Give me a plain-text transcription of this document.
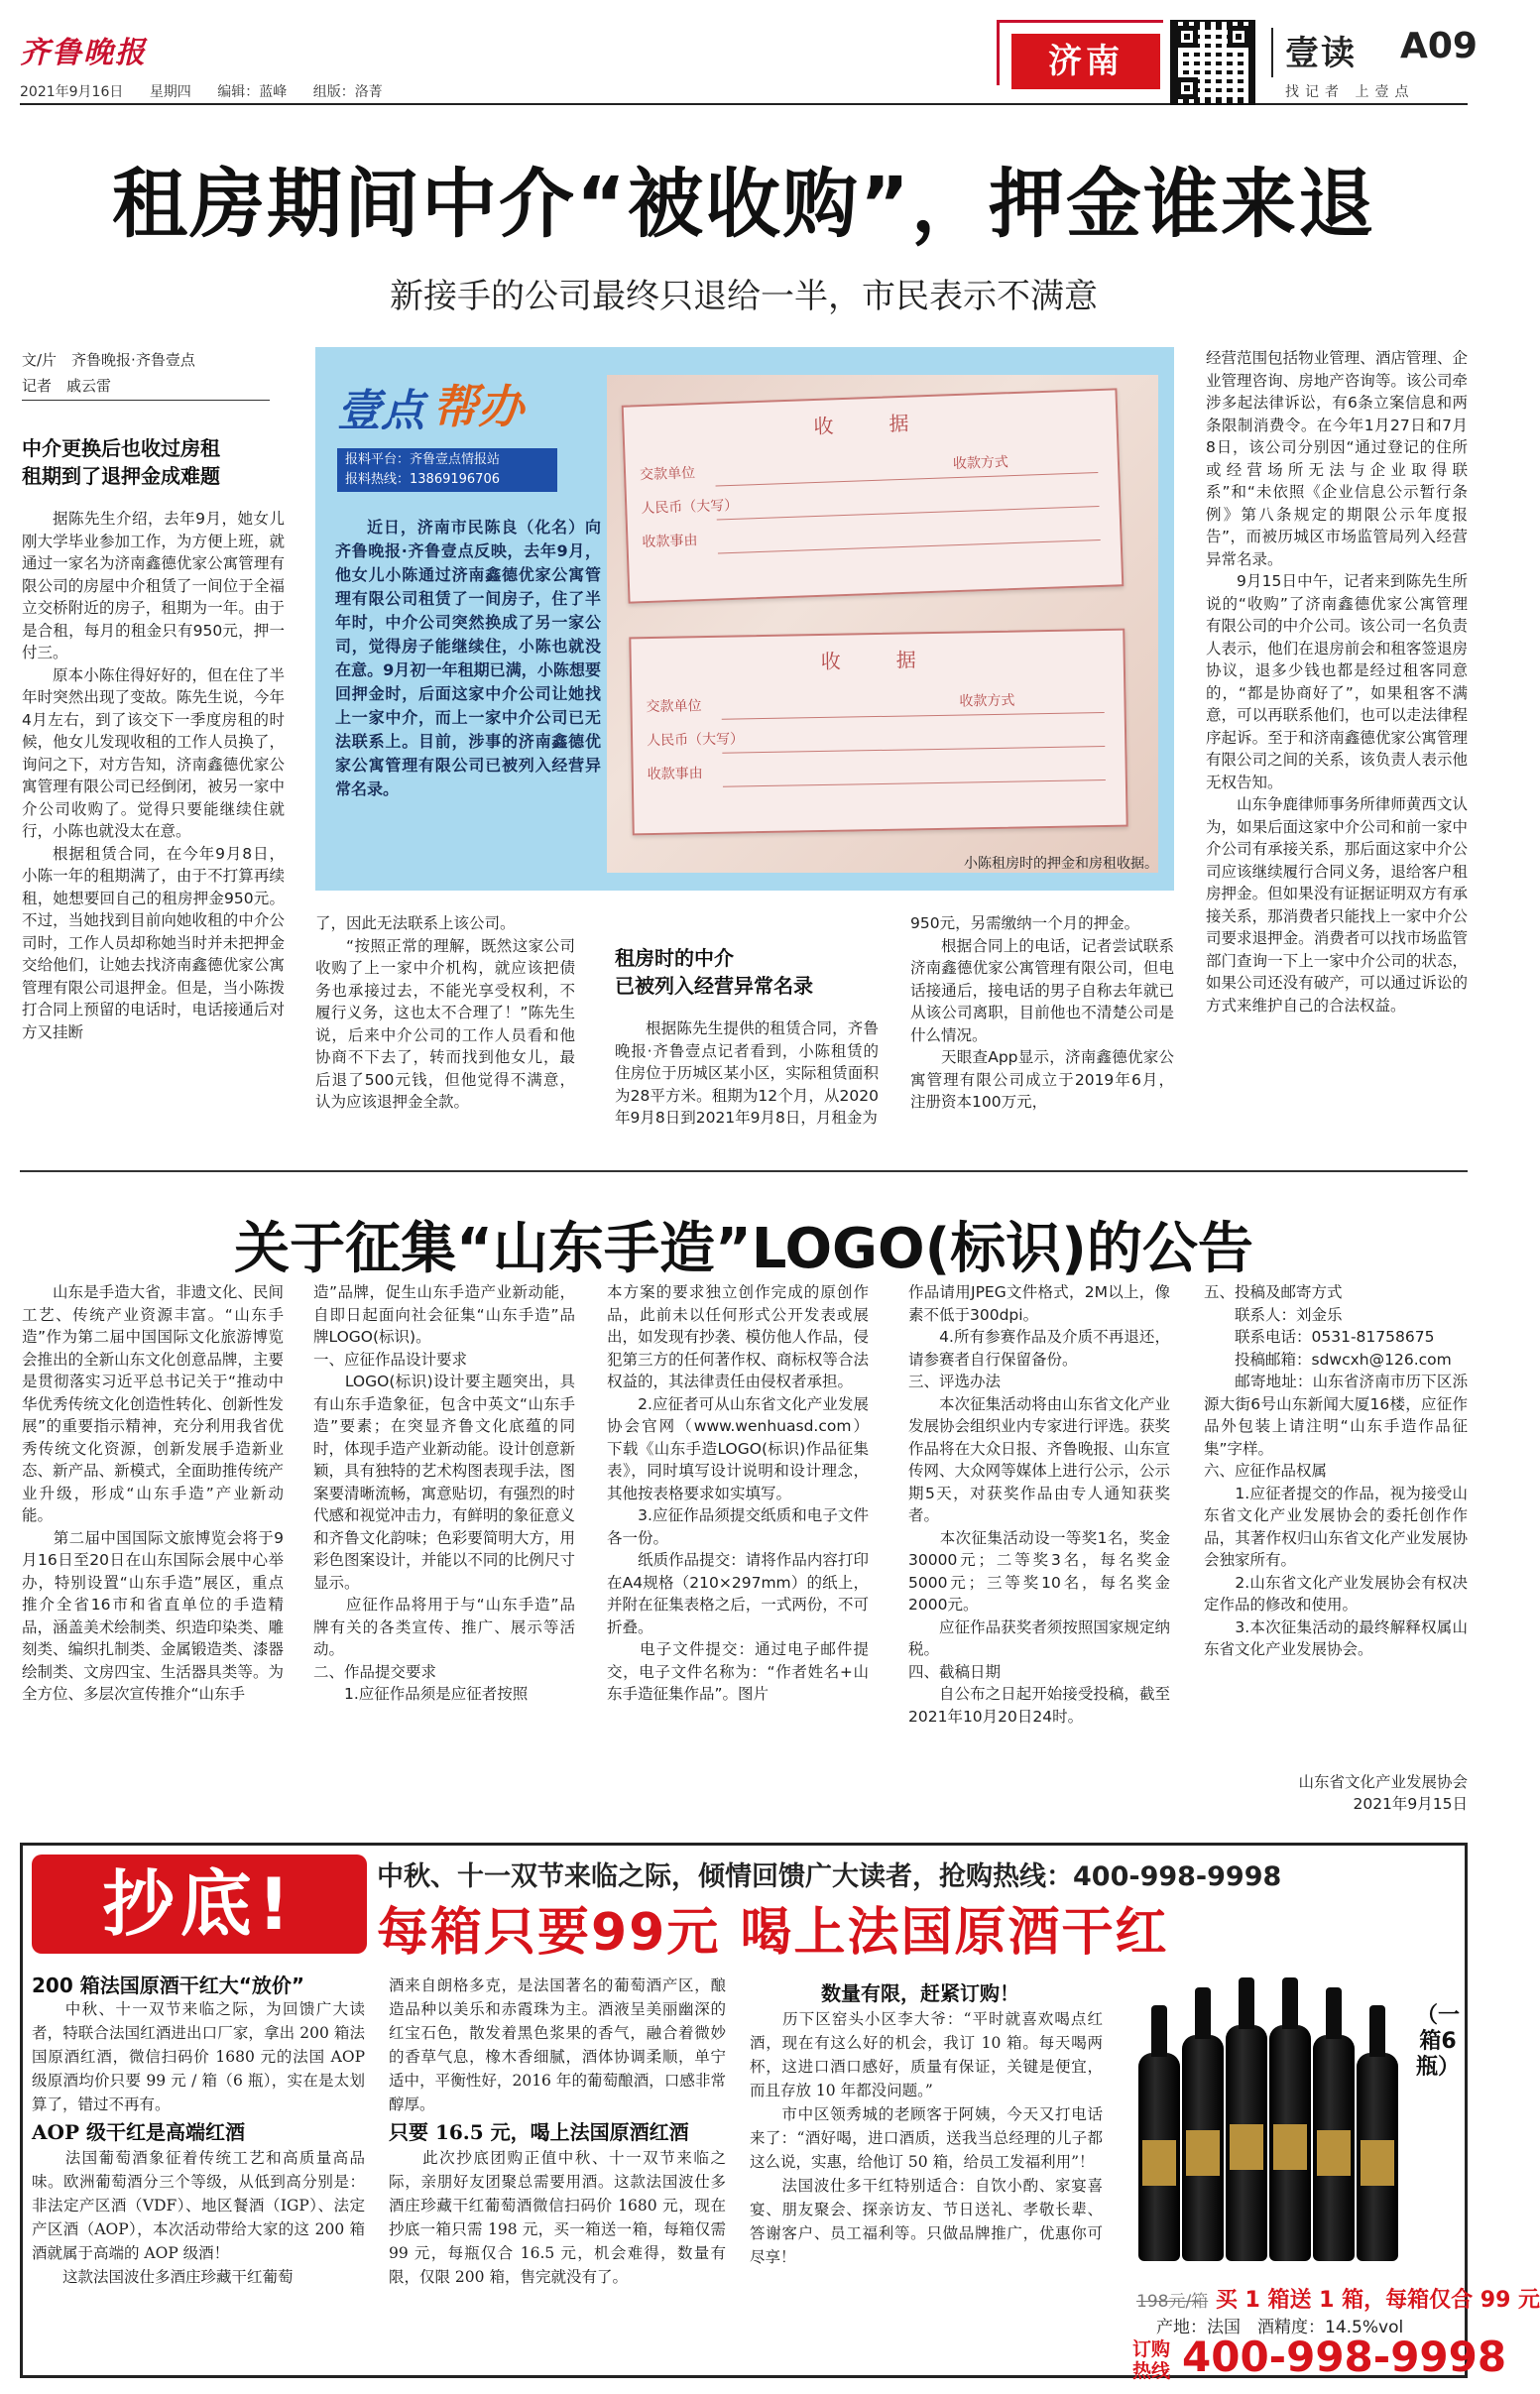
齐鲁晚报
2021年9月16日 星期四 编辑：蓝峰 组版：洛菁
济南	壹读 A09
找记者 上壹点
租房期间中介“被收购”，押金谁来退
新接手的公司最终只退给一半，市民表示不满意
文/片　齐鲁晚报·齐鲁壹点
记者　戚云雷
中介更换后也收过房租
租期到了退押金成难题

据陈先生介绍，去年9月，她女儿刚大学毕业参加工作，为方便上班，就通过一家名为济南鑫德优家公寓管理有限公司的房屋中介租赁了一间位于全福立交桥附近的房子，租期为一年。由于是合租，每月的租金只有950元，押一付三。

原本小陈住得好好的，但在住了半年时突然出现了变故。陈先生说，今年4月左右，到了该交下一季度房租的时候，他女儿发现收租的工作人员换了，询问之下，对方告知，济南鑫德优家公寓管理有限公司已经倒闭，被另一家中介公司收购了。觉得只要能继续住就行，小陈也就没太在意。

根据租赁合同，在今年9月8日，小陈一年的租期满了，由于不打算再续租，她想要回自己的租房押金950元。不过，当她找到目前向她收租的中介公司时，工作人员却称她当时并未把押金交给他们，让她去找济南鑫德优家公寓管理有限公司退押金。但是，当小陈拨打合同上预留的电话时，电话接通后对方又挂断

壹点 帮办
报料平台：齐鲁壹点情报站
报料热线：13869196706

近日，济南市民陈良（化名）向齐鲁晚报·齐鲁壹点反映，去年9月，他女儿小陈通过济南鑫德优家公寓管理有限公司租赁了一间房子，住了半年时，中介公司突然换成了另一家公司，觉得房子能继续住，小陈也就没在意。9月初一年租期已满，小陈想要回押金时，后面这家中介公司让她找上一家中介，而上一家中介公司已无法联系上。目前，涉事的济南鑫德优家公寓管理有限公司已被列入经营异常名录。

收　据
交款单位
人民币（大写）
收款事由
收款方式
收　据
交款单位
人民币（大写）
收款事由
收款方式
小陈租房时的押金和房租收据。

了，因此无法联系上该公司。

“按照正常的理解，既然这家公司收购了上一家中介机构，就应该把债务也承接过去，不能光享受权利，不履行义务，这也太不合理了！”陈先生说，后来中介公司的工作人员看和他协商不下去了，转而找到他女儿，最后退了500元钱，但他觉得不满意，认为应该退押金全款。

租房时的中介
已被列入经营异常名录

根据陈先生提供的租赁合同，齐鲁晚报·齐鲁壹点记者看到，小陈租赁的住房位于历城区某小区，实际租赁面积为28平方米。租期为12个月，从2020年9月8日到2021年9月8日，月租金为

950元，另需缴纳一个月的押金。

根据合同上的电话，记者尝试联系济南鑫德优家公寓管理有限公司，但电话接通后，接电话的男子自称去年就已从该公司离职，目前他也不清楚公司是什么情况。

天眼查App显示，济南鑫德优家公寓管理有限公司成立于2019年6月，注册资本100万元，

经营范围包括物业管理、酒店管理、企业管理咨询、房地产咨询等。该公司牵涉多起法律诉讼，有6条立案信息和两条限制消费令。在今年1月27日和7月8日，该公司分别因“通过登记的住所或经营场所无法与企业取得联系”和“未依照《企业信息公示暂行条例》第八条规定的期限公示年度报告”，而被历城区市场监管局列入经营异常名录。

9月15日中午，记者来到陈先生所说的“收购”了济南鑫德优家公寓管理有限公司的中介公司。该公司一名负责人表示，他们在退房前会和租客签退房协议，退多少钱也都是经过租客同意的，“都是协商好了”，如果租客不满意，可以再联系他们，也可以走法律程序起诉。至于和济南鑫德优家公寓管理有限公司之间的关系，该负责人表示他无权告知。

山东争鹿律师事务所律师黄西文认为，如果后面这家中介公司和前一家中介公司有承接关系，那后面这家中介公司应该继续履行合同义务，退给客户租房押金。但如果没有证据证明双方有承接关系，那消费者只能找上一家中介公司要求退押金。消费者可以找市场监管部门查询一下上一家中介公司的状态，如果公司还没有破产，可以通过诉讼的方式来维护自己的合法权益。

关于征集“山东手造”LOGO(标识)的公告
山东是手造大省，非遗文化、民间工艺、传统产业资源丰富。“山东手造”作为第二届中国国际文化旅游博览会推出的全新山东文化创意品牌，主要是贯彻落实习近平总书记关于“推动中华优秀传统文化创造性转化、创新性发展”的重要指示精神，充分利用我省优秀传统文化资源，创新发展手造新业态、新产品、新模式，全面助推传统产业升级，形成“山东手造”产业新动能。
　　第二届中国国际文旅博览会将于9月16日至20日在山东国际会展中心举办，特别设置“山东手造”展区，重点推介全省16市和省直单位的手造精品，涵盖美术绘制类、织造印染类、雕刻类、编织扎制类、金属锻造类、漆器绘制类、文房四宝、生活器具类等。为全方位、多层次宣传推介“山东手
造”品牌，促生山东手造产业新动能，自即日起面向社会征集“山东手造”品牌LOGO(标识)。
一、应征作品设计要求
　　LOGO(标识)设计要主题突出，具有山东手造象征，包含中英文“山东手造”要素；在突显齐鲁文化底蕴的同时，体现手造产业新动能。设计创意新颖，具有独特的艺术构图表现手法，图案要清晰流畅，寓意贴切，有强烈的时代感和视觉冲击力，有鲜明的象征意义和齐鲁文化韵味；色彩要简明大方，用彩色图案设计，并能以不同的比例尺寸显示。
　　应征作品将用于与“山东手造”品牌有关的各类宣传、推广、展示等活动。
二、作品提交要求
　　1.应征作品须是应征者按照
本方案的要求独立创作完成的原创作品，此前未以任何形式公开发表或展出，如发现有抄袭、模仿他人作品，侵犯第三方的任何著作权、商标权等合法权益的，其法律责任由侵权者承担。
　　2.应征者可从山东省文化产业发展协会官网（www.wenhuasd.com）下载《山东手造LOGO(标识)作品征集表》，同时填写设计说明和设计理念，其他按表格要求如实填写。
　　3.应征作品须提交纸质和电子文件各一份。
　　纸质作品提交：请将作品内容打印在A4规格（210×297mm）的纸上，并附在征集表格之后，一式两份，不可折叠。
　　电子文件提交：通过电子邮件提交，电子文件名称为：“作者姓名+山东手造征集作品”。图片
作品请用JPEG文件格式，2M以上，像素不低于300dpi。
　　4.所有参赛作品及介质不再退还，请参赛者自行保留备份。
三、评选办法
　　本次征集活动将由山东省文化产业发展协会组织业内专家进行评选。获奖作品将在大众日报、齐鲁晚报、山东宣传网、大众网等媒体上进行公示，公示期5天，对获奖作品由专人通知获奖者。
　　本次征集活动设一等奖1名，奖金30000元；二等奖3名，每名奖金5000元；三等奖10名，每名奖金2000元。
　　应征作品获奖者须按照国家规定纳税。
四、截稿日期
　　自公布之日起开始接受投稿，截至2021年10月20日24时。
五、投稿及邮寄方式
　　联系人：刘金乐
　　联系电话：0531-81758675
　　投稿邮箱：sdwcxh@126.com
　　邮寄地址：山东省济南市历下区泺源大街6号山东新闻大厦16楼，应征作品外包装上请注明“山东手造作品征集”字样。
六、应征作品权属
　　1.应征者提交的作品，视为接受山东省文化产业发展协会的委托创作作品，其著作权归山东省文化产业发展协会独家所有。
　　2.山东省文化产业发展协会有权决定作品的修改和使用。
　　3.本次征集活动的最终解释权属山东省文化产业发展协会。
山东省文化产业发展协会
2021年9月15日
抄底!	中秋、十一双节来临之际，倾情回馈广大读者，抢购热线：400-998-9998
每箱只要99元 喝上法国原酒干红
200 箱法国原酒干红大“放价”

　　中秋、十一双节来临之际，为回馈广大读者，特联合法国红酒进出口厂家，拿出 200 箱法国原酒红酒，微信扫码价 1680 元的法国 AOP 级原酒均价只要 99 元 / 箱（6 瓶），实在是太划算了，错过不再有。

AOP 级干红是高端红酒

　　法国葡萄酒象征着传统工艺和高质量高品味。欧洲葡萄酒分三个等级，从低到高分别是：非法定产区酒（VDF）、地区餐酒（IGP）、法定产区酒（AOP），本次活动带给大家的这 200 箱酒就属于高端的 AOP 级酒！
　　这款法国波仕多酒庄珍藏干红葡萄

酒来自朗格多克，是法国著名的葡萄酒产区，酿造品种以美乐和赤霞珠为主。酒液呈美丽幽深的红宝石色，散发着黑色浆果的香气，融合着微妙的香草气息，橡木香细腻，酒体协调柔顺，单宁适中，平衡性好，2016 年的葡萄酿酒，口感非常醇厚。

只要 16.5 元，喝上法国原酒红酒

　　此次抄底团购正值中秋、十一双节来临之际，亲朋好友团聚总需要用酒。这款法国波仕多酒庄珍藏干红葡萄酒微信扫码价 1680 元，现在抄底一箱只需 198 元，买一箱送一箱，每箱仅需 99 元，每瓶仅合 16.5 元，机会难得，数量有限，仅限 200 箱，售完就没有了。

数量有限，赶紧订购！
　　历下区窑头小区李大爷：“平时就喜欢喝点红酒，现在有这么好的机会，我订 10 箱。每天喝两杯，这进口酒口感好，质量有保证，关键是便宜，而且存放 10 年都没问题。”
　　市中区领秀城的老顾客于阿姨，今天又打电话来了：“酒好喝，进口酒质，送我当总经理的儿子都这么说，实惠，给他订 50 箱，给员工发福利用”！
　　法国波仕多干红特别适合：自饮小酌、家宴喜宴、朋友聚会、探亲访友、节日送礼、孝敬长辈、答谢客户、员工福利等。只做品牌推广，优惠你可尽享！
（一箱6瓶）
198元/箱 买 1 箱送 1 箱，每箱仅合 99 元
产地：法国　酒精度：14.5%vol
订购热线 400-998-9998
